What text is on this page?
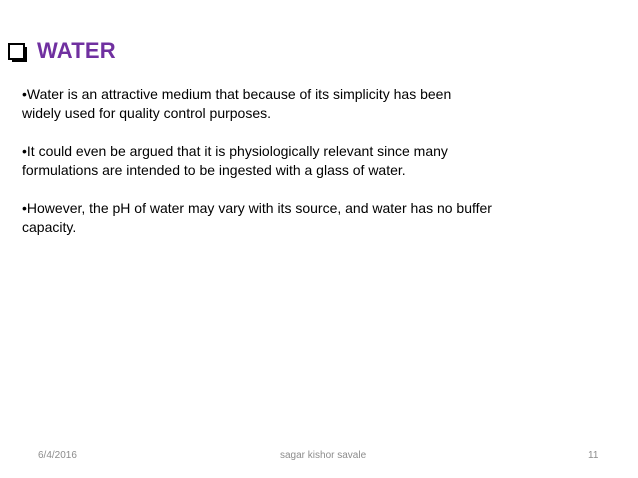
WATER

•Water is an attractive medium that because of its simplicity has been widely used for quality control purposes.

•It could even be argued that it is physiologically relevant since many formulations are intended to be ingested with a glass of water.

•However, the pH of water may vary with its source, and water has no buffer capacity.

6/4/2016	sagar kishor savale	11
